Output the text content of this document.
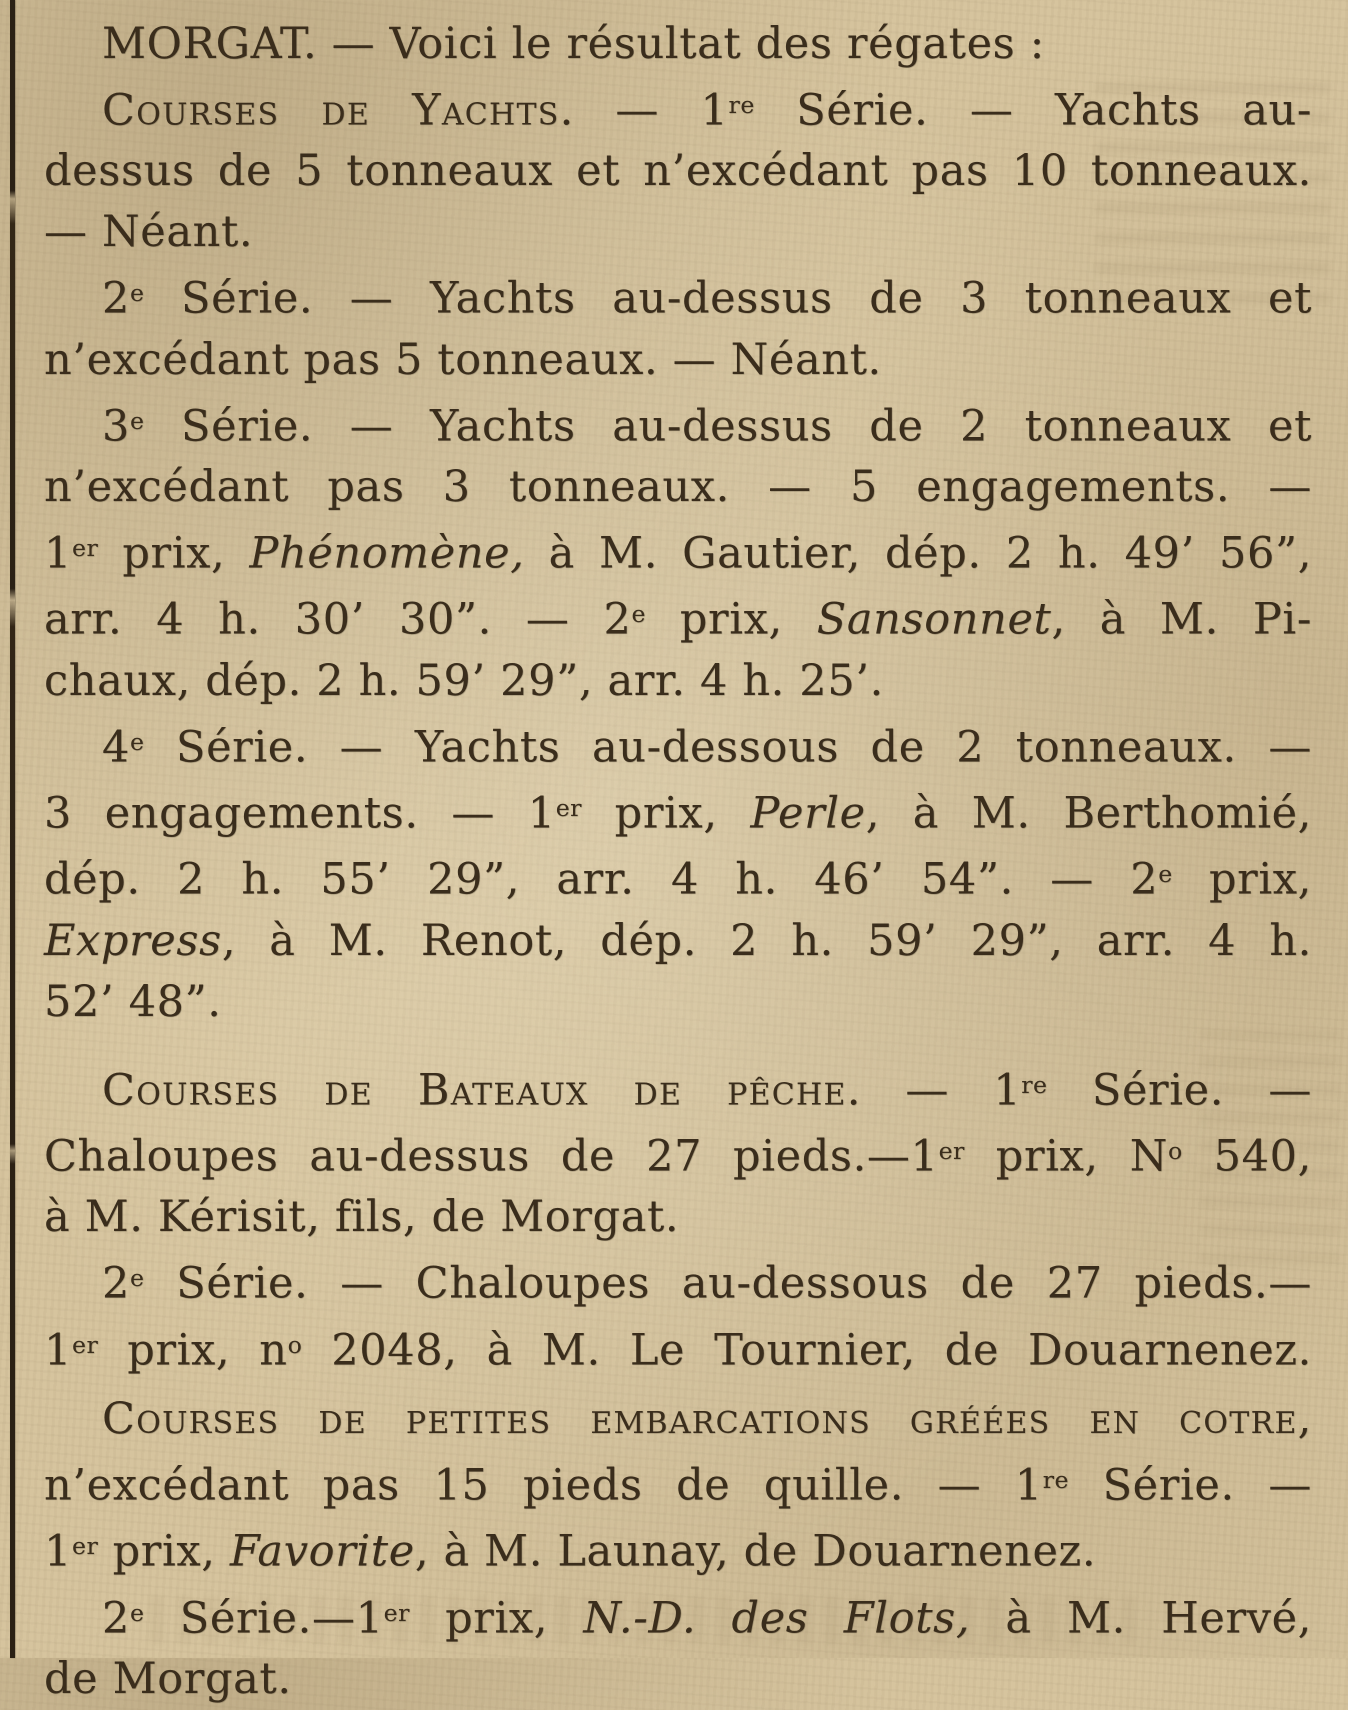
MORGAT. — Voici le résultat des régates :
Courses de Yachts. — 1re Série. — Yachts au-
dessus de 5 tonneaux et n’excédant pas 10 tonneaux.
— Néant.
2e Série. — Yachts au-dessus de 3 tonneaux et
n’excédant pas 5 tonneaux. — Néant.
3e Série. — Yachts au-dessus de 2 tonneaux et
n’excédant pas 3 tonneaux. — 5 engagements. —
1er prix, Phénomène, à M. Gautier, dép. 2 h. 49’ 56”,
arr. 4 h. 30’ 30”. — 2e prix, Sansonnet, à M. Pi-
chaux, dép. 2 h. 59’ 29”, arr. 4 h. 25’.
4e Série. — Yachts au-dessous de 2 tonneaux. —
3 engagements. — 1er prix, Perle, à M. Berthomié,
dép. 2 h. 55’ 29”, arr. 4 h. 46’ 54”. — 2e prix,
Express, à M. Renot, dép. 2 h. 59’ 29”, arr. 4 h.
52’ 48”.
Courses de Bateaux de pêche. — 1re Série. —
Chaloupes au-dessus de 27 pieds.—1er prix, $N^o$ 540,
à M. Kérisit, fils, de Morgat.
2e Série. — Chaloupes au-dessous de 27 pieds.—
1er prix, $n^o$ 2048, à M. Le Tournier, de Douarnenez.
Courses de petites embarcations gréées en cotre,
n’excédant pas 15 pieds de quille. — 1re Série. —
1er prix, Favorite, à M. Launay, de Douarnenez.
2e Série.—1er prix, N.-D. des Flots, à M. Hervé,
de Morgat.
